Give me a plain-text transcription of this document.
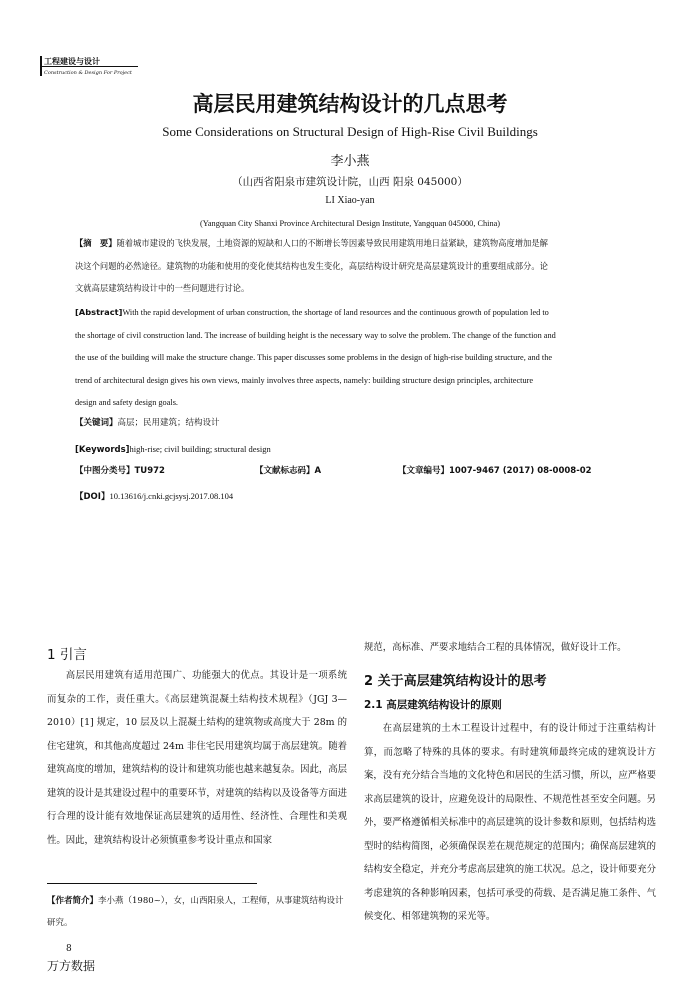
工程建设与设计
Construction & Design For Project
高层民用建筑结构设计的几点思考
Some Considerations on Structural Design of High-Rise Civil Buildings
李小燕
（山西省阳泉市建筑设计院，山西 阳泉 045000）
LI Xiao-yan
(Yangquan City Shanxi Province Architectural Design Institute, Yangquan 045000, China)
【摘　要】随着城市建设的飞快发展，土地资源的短缺和人口的不断增长等因素导致民用建筑用地日益紧缺，建筑物高度增加是解
决这个问题的必然途径。建筑物的功能和使用的变化使其结构也发生变化，高层结构设计研究是高层建筑设计的重要组成部分。论
文就高层建筑结构设计中的一些问题进行讨论。
[Abstract]With the rapid development of urban construction, the shortage of land resources and the continuous growth of population led to
the shortage of civil construction land. The increase of building height is the necessary way to solve the problem. The change of the function and
the use of the building will make the structure change. This paper discusses some problems in the design of high-rise building structure, and the
trend of architectural design gives his own views, mainly involves three aspects, namely: building structure design principles, architecture
design and safety design goals.
【关键词】高层；民用建筑；结构设计
[Keywords]high-rise; civil building; structural design
【中图分类号】TU972	【文献标志码】A	【文章编号】1007-9467 (2017) 08-0008-02
【DOI】10.13616/j.cnki.gcjsysj.2017.08.104
1 引言

高层民用建筑有适用范围广、功能强大的优点。其设计是一项系统而复杂的工作，责任重大。《高层建筑混凝土结构技术规程》（JGJ 3—2010）[1] 规定，10 层及以上混凝土结构的建筑物或高度大于 28m 的住宅建筑，和其他高度超过 24m 非住宅民用建筑均属于高层建筑。随着建筑高度的增加，建筑结构的设计和建筑功能也越来越复杂。因此，高层建筑的设计是其建设过程中的重要环节，对建筑的结构以及设备等方面进行合理的设计能有效地保证高层建筑的适用性、经济性、合理性和美观性。因此，建筑结构设计必须慎重参考设计重点和国家

规范，高标准、严要求地结合工程的具体情况，做好设计工作。
2 关于高层建筑结构设计的思考
2.1 高层建筑结构设计的原则

在高层建筑的土木工程设计过程中，有的设计师过于注重结构计算，而忽略了特殊的具体的要求。有时建筑师最终完成的建筑设计方案，没有充分结合当地的文化特色和居民的生活习惯，所以，应严格要求高层建筑的设计，应避免设计的局限性、不规范性甚至安全问题。另外，要严格遵循相关标准中的高层建筑的设计参数和原则，包括结构选型时的结构简图，必须确保误差在规范规定的范围内；确保高层建筑的结构安全稳定，并充分考虑高层建筑的施工状况。总之，设计师要充分考虑建筑的各种影响因素，包括可承受的荷载、是否满足施工条件、气候变化、相邻建筑物的采光等。

【作者简介】李小燕（1980~），女，山西阳泉人，工程师，从事建筑结构设计研究。
8
万方数据
